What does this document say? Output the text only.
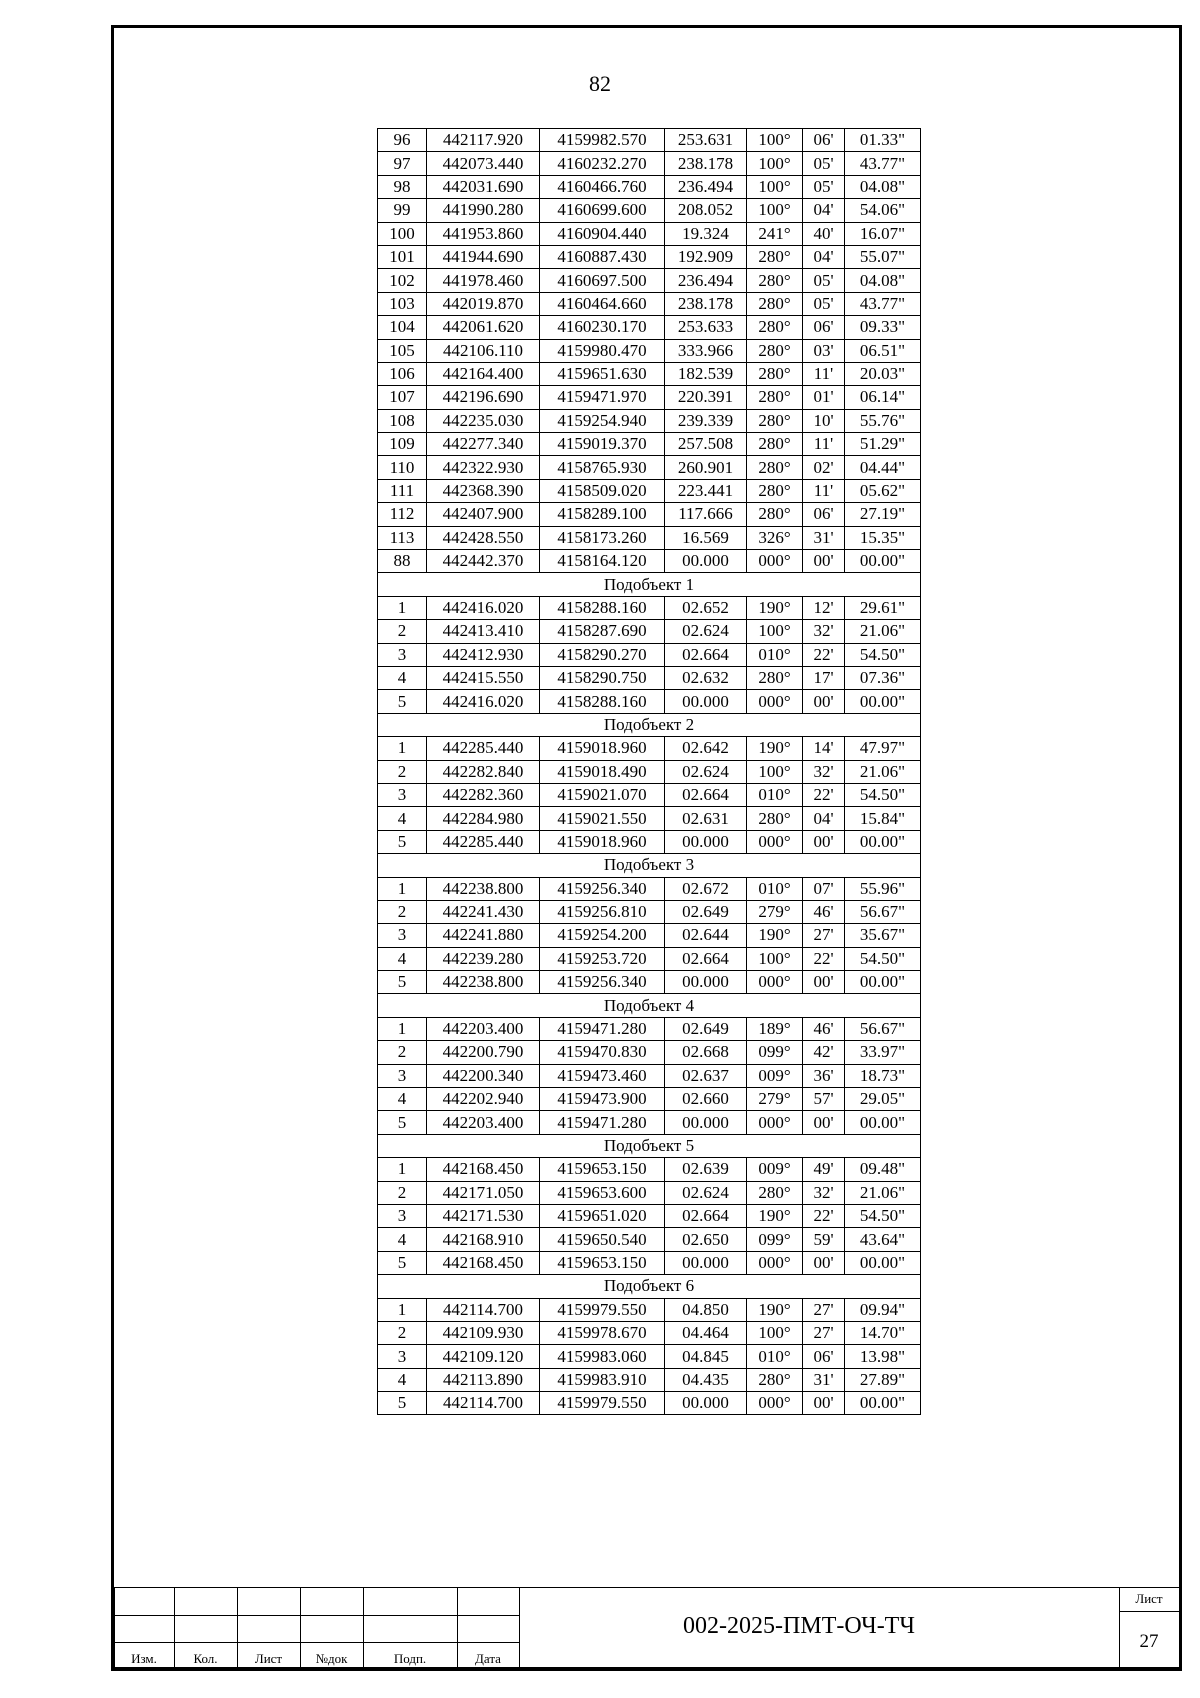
82
96	442117.920	4159982.570	253.631	100°	06'	01.33"
97	442073.440	4160232.270	238.178	100°	05'	43.77"
98	442031.690	4160466.760	236.494	100°	05'	04.08"
99	441990.280	4160699.600	208.052	100°	04'	54.06"
100	441953.860	4160904.440	19.324	241°	40'	16.07"
101	441944.690	4160887.430	192.909	280°	04'	55.07"
102	441978.460	4160697.500	236.494	280°	05'	04.08"
103	442019.870	4160464.660	238.178	280°	05'	43.77"
104	442061.620	4160230.170	253.633	280°	06'	09.33"
105	442106.110	4159980.470	333.966	280°	03'	06.51"
106	442164.400	4159651.630	182.539	280°	11'	20.03"
107	442196.690	4159471.970	220.391	280°	01'	06.14"
108	442235.030	4159254.940	239.339	280°	10'	55.76"
109	442277.340	4159019.370	257.508	280°	11'	51.29"
110	442322.930	4158765.930	260.901	280°	02'	04.44"
111	442368.390	4158509.020	223.441	280°	11'	05.62"
112	442407.900	4158289.100	117.666	280°	06'	27.19"
113	442428.550	4158173.260	16.569	326°	31'	15.35"
88	442442.370	4158164.120	00.000	000°	00'	00.00"
Подобъект 1						
1	442416.020	4158288.160	02.652	190°	12'	29.61"
2	442413.410	4158287.690	02.624	100°	32'	21.06"
3	442412.930	4158290.270	02.664	010°	22'	54.50"
4	442415.550	4158290.750	02.632	280°	17'	07.36"
5	442416.020	4158288.160	00.000	000°	00'	00.00"
Подобъект 2						
1	442285.440	4159018.960	02.642	190°	14'	47.97"
2	442282.840	4159018.490	02.624	100°	32'	21.06"
3	442282.360	4159021.070	02.664	010°	22'	54.50"
4	442284.980	4159021.550	02.631	280°	04'	15.84"
5	442285.440	4159018.960	00.000	000°	00'	00.00"
Подобъект 3						
1	442238.800	4159256.340	02.672	010°	07'	55.96"
2	442241.430	4159256.810	02.649	279°	46'	56.67"
3	442241.880	4159254.200	02.644	190°	27'	35.67"
4	442239.280	4159253.720	02.664	100°	22'	54.50"
5	442238.800	4159256.340	00.000	000°	00'	00.00"
Подобъект 4						
1	442203.400	4159471.280	02.649	189°	46'	56.67"
2	442200.790	4159470.830	02.668	099°	42'	33.97"
3	442200.340	4159473.460	02.637	009°	36'	18.73"
4	442202.940	4159473.900	02.660	279°	57'	29.05"
5	442203.400	4159471.280	00.000	000°	00'	00.00"
Подобъект 5						
1	442168.450	4159653.150	02.639	009°	49'	09.48"
2	442171.050	4159653.600	02.624	280°	32'	21.06"
3	442171.530	4159651.020	02.664	190°	22'	54.50"
4	442168.910	4159650.540	02.650	099°	59'	43.64"
5	442168.450	4159653.150	00.000	000°	00'	00.00"
Подобъект 6						
1	442114.700	4159979.550	04.850	190°	27'	09.94"
2	442109.930	4159978.670	04.464	100°	27'	14.70"
3	442109.120	4159983.060	04.845	010°	06'	13.98"
4	442113.890	4159983.910	04.435	280°	31'	27.89"
5	442114.700	4159979.550	00.000	000°	00'	00.00"
Изм.	Кол.	Лист	№док	Подп.	Дата
002-2025-ПМТ-ОЧ-ТЧ
Лист
27
